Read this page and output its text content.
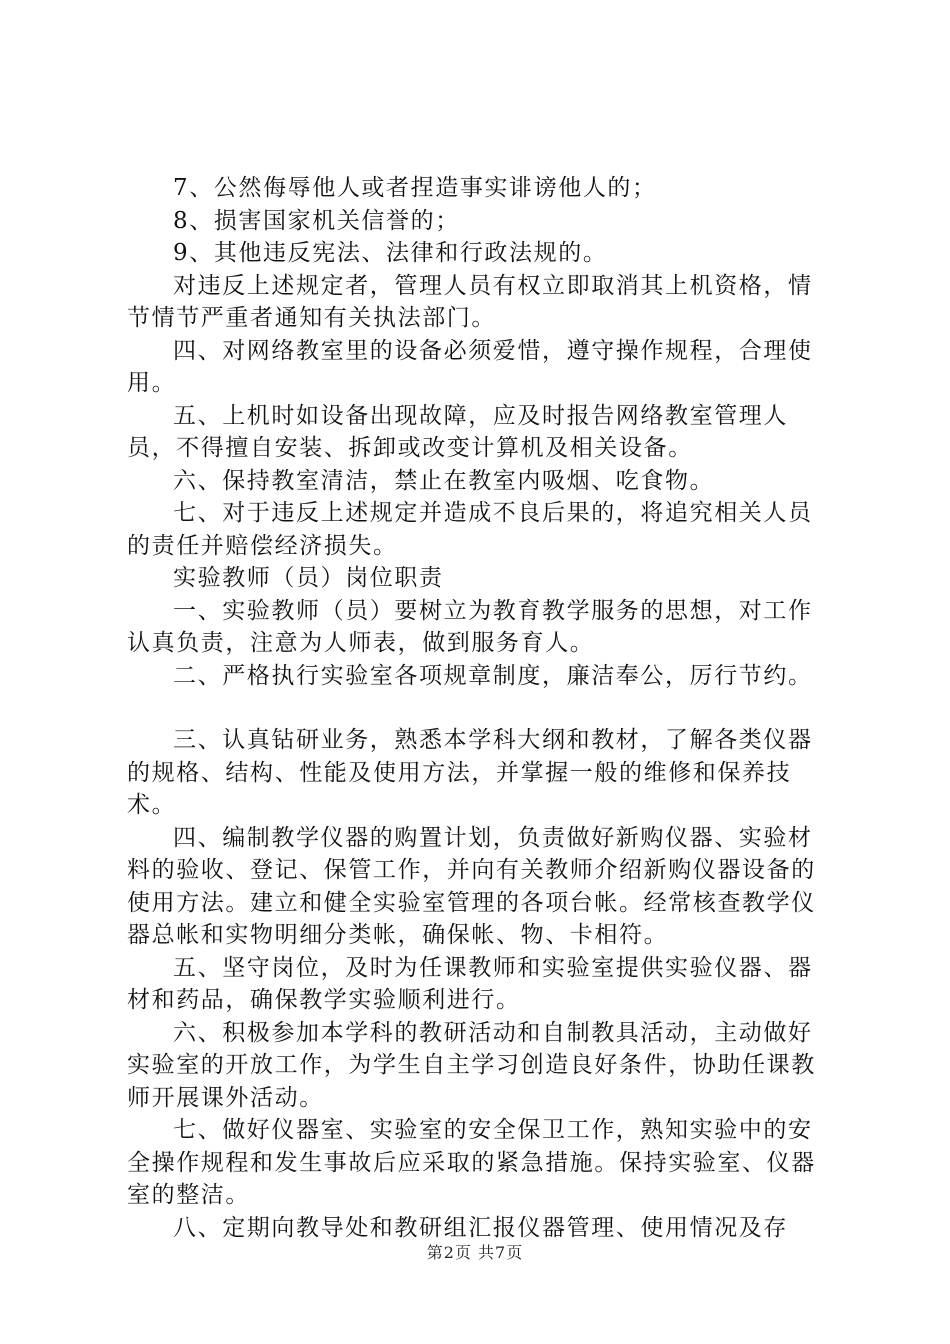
7、公然侮辱他人或者捏造事实诽谤他人的；

8、损害国家机关信誉的；

9、其他违反宪法、法律和行政法规的。

对违反上述规定者，管理人员有权立即取消其上机资格，情节情节严重者通知有关执法部门。

四、对网络教室里的设备必须爱惜，遵守操作规程，合理使用。

五、上机时如设备出现故障，应及时报告网络教室管理人员，不得擅自安装、拆卸或改变计算机及相关设备。

六、保持教室清洁，禁止在教室内吸烟、吃食物。

七、对于违反上述规定并造成不良后果的，将追究相关人员的责任并赔偿经济损失。

实验教师（员）岗位职责

一、实验教师（员）要树立为教育教学服务的思想，对工作认真负责，注意为人师表，做到服务育人。

二、严格执行实验室各项规章制度，廉洁奉公，厉行节约。

三、认真钻研业务，熟悉本学科大纲和教材，了解各类仪器的规格、结构、性能及使用方法，并掌握一般的维修和保养技术。

四、编制教学仪器的购置计划，负责做好新购仪器、实验材料的验收、登记、保管工作，并向有关教师介绍新购仪器设备的使用方法。建立和健全实验室管理的各项台帐。经常核查教学仪器总帐和实物明细分类帐，确保帐、物、卡相符。

五、坚守岗位，及时为任课教师和实验室提供实验仪器、器材和药品，确保教学实验顺利进行。

六、积极参加本学科的教研活动和自制教具活动，主动做好实验室的开放工作，为学生自主学习创造良好条件，协助任课教师开展课外活动。

七、做好仪器室、实验室的安全保卫工作，熟知实验中的安全操作规程和发生事故后应采取的紧急措施。保持实验室、仪器室的整洁。

八、定期向教导处和教研组汇报仪器管理、使用情况及存

第2页 共7页
